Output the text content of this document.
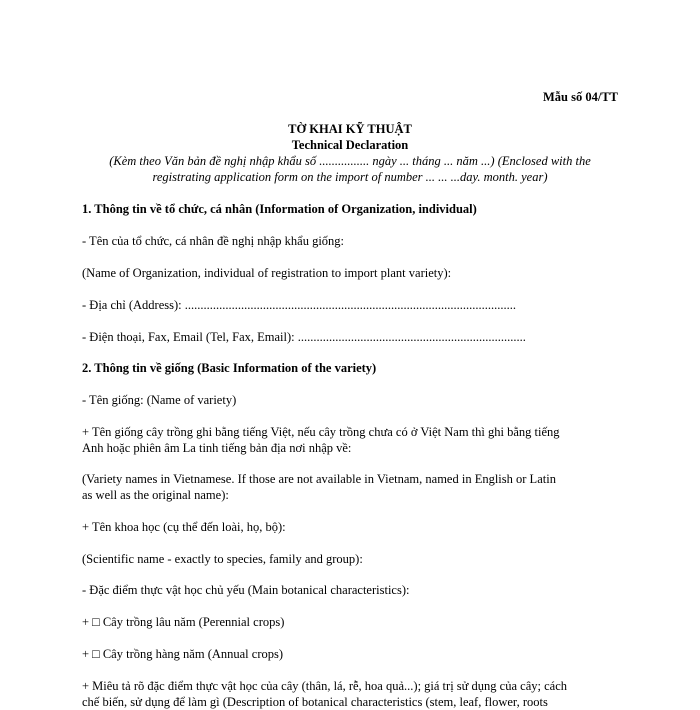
Mẫu số 04/TT
TỜ KHAI KỸ THUẬT
Technical Declaration
(Kèm theo Văn bản đề nghị nhập khẩu số ................ ngày ... tháng ... năm ...) (Enclosed with the
registrating application form on the import of number ... ... ...day. month. year)
1. Thông tin về tổ chức, cá nhân (Information of Organization, individual)
- Tên của tổ chức, cá nhân đề nghị nhập khẩu giống:
(Name of Organization, individual of registration to import plant variety):
- Địa chỉ (Address): ..........................................................................................................
- Điện thoại, Fax, Email (Tel, Fax, Email): .........................................................................
2. Thông tin về giống (Basic Information of the variety)
- Tên giống: (Name of variety)
+ Tên giống cây trồng ghi bằng tiếng Việt, nếu cây trồng chưa có ở Việt Nam thì ghi bằng tiếng
Anh hoặc phiên âm La tinh tiếng bản địa nơi nhập về:
(Variety names in Vietnamese. If those are not available in Vietnam, named in English or Latin
as well as the original name):
+ Tên khoa học (cụ thể đến loài, họ, bộ):
(Scientific name - exactly to species, family and group):
- Đặc điểm thực vật học chủ yếu (Main botanical characteristics):
+ □ Cây trồng lâu năm (Perennial crops)
+ □ Cây trồng hàng năm (Annual crops)
+ Miêu tả rõ đặc điểm thực vật học của cây (thân, lá, rễ, hoa quả...); giá trị sử dụng của cây; cách
chế biến, sử dụng để làm gì (Description of botanical characteristics (stem, leaf, flower, roots
